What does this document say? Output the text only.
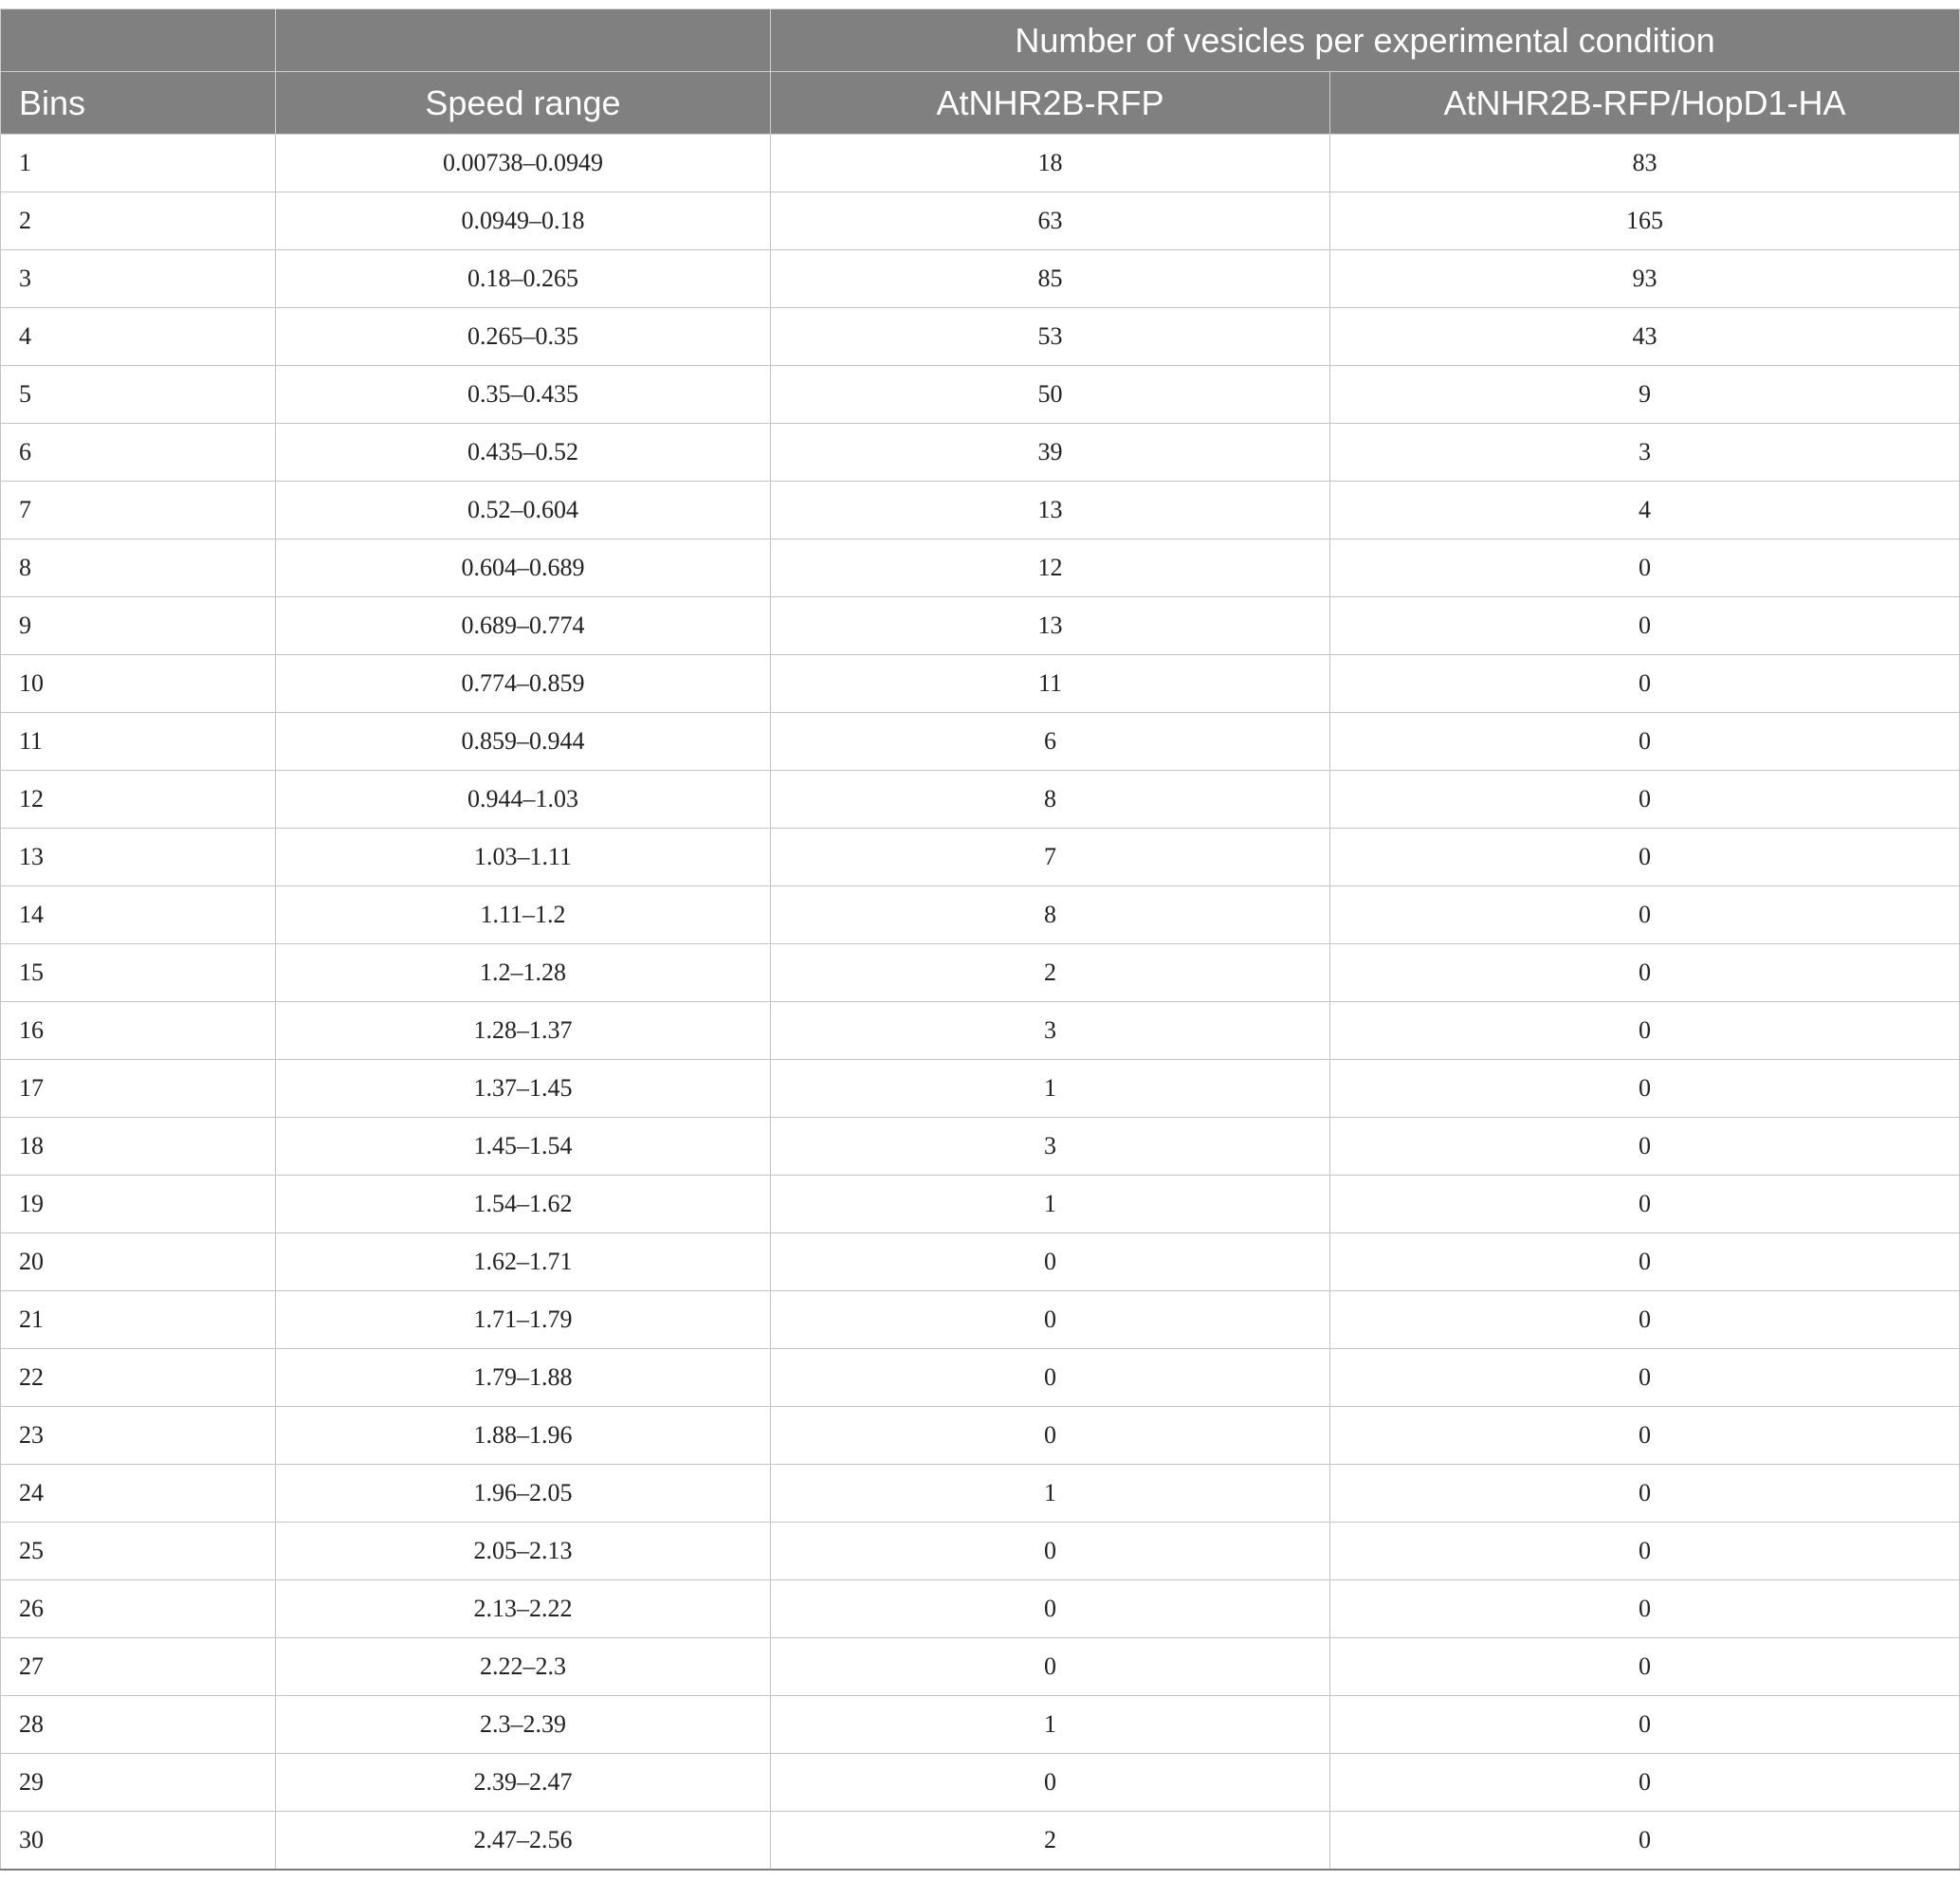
		Number of vesicles per experimental condition	
Bins	Speed range	AtNHR2B-RFP	AtNHR2B-RFP/HopD1-HA
1	0.00738–0.0949	18	83
2	0.0949–0.18	63	165
3	0.18–0.265	85	93
4	0.265–0.35	53	43
5	0.35–0.435	50	9
6	0.435–0.52	39	3
7	0.52–0.604	13	4
8	0.604–0.689	12	0
9	0.689–0.774	13	0
10	0.774–0.859	11	0
11	0.859–0.944	6	0
12	0.944–1.03	8	0
13	1.03–1.11	7	0
14	1.11–1.2	8	0
15	1.2–1.28	2	0
16	1.28–1.37	3	0
17	1.37–1.45	1	0
18	1.45–1.54	3	0
19	1.54–1.62	1	0
20	1.62–1.71	0	0
21	1.71–1.79	0	0
22	1.79–1.88	0	0
23	1.88–1.96	0	0
24	1.96–2.05	1	0
25	2.05–2.13	0	0
26	2.13–2.22	0	0
27	2.22–2.3	0	0
28	2.3–2.39	1	0
29	2.39–2.47	0	0
30	2.47–2.56	2	0
